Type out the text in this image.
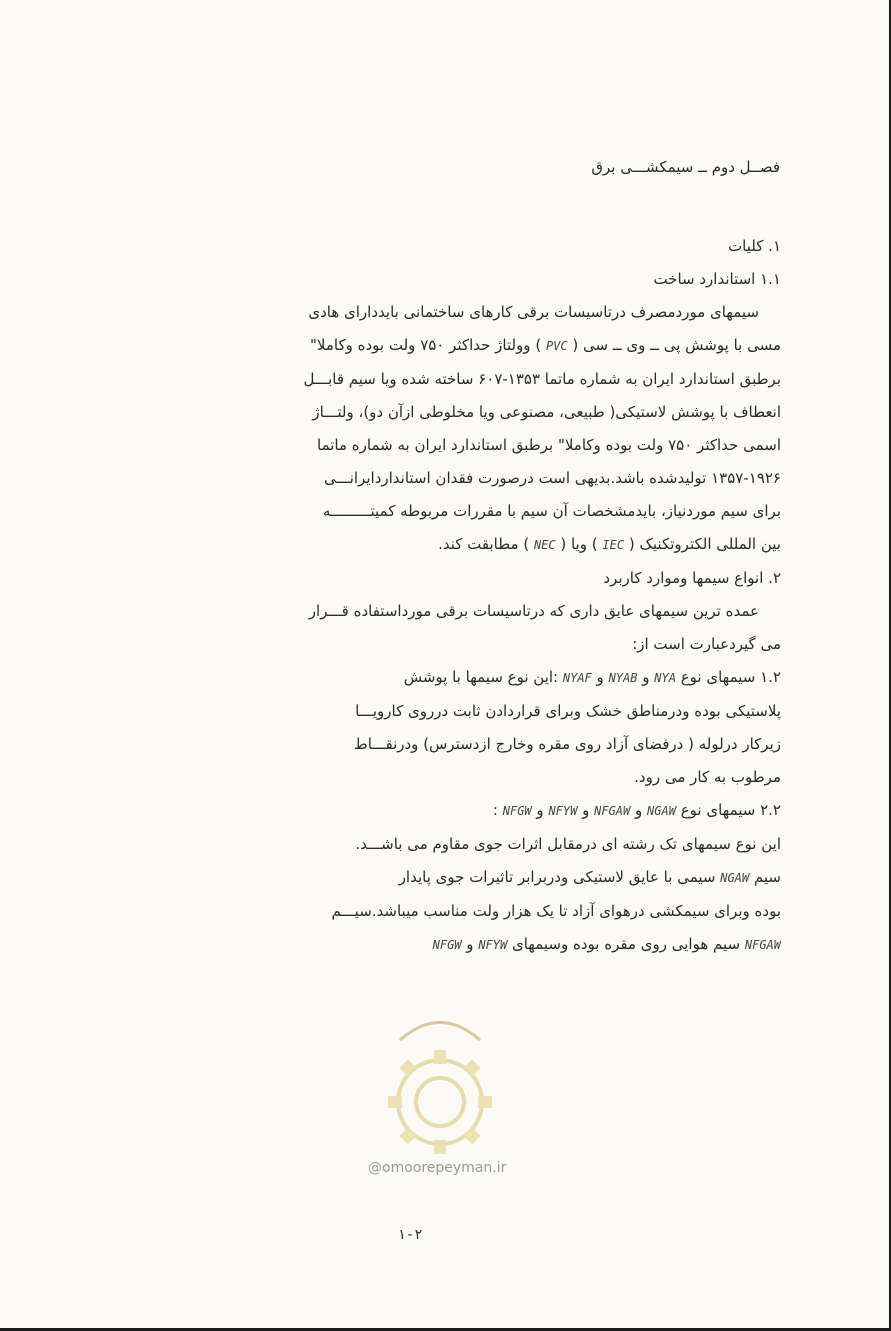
فصــل دوم ــ سیمکشـــی برق
۱. کلیات
۱.۱ استاندارد ساخت
سیمهای موردمصرف درتاسیسات برقی کارهای ساختمانی بایددارای هادی
مسی با پوشش پی ــ وی ــ سی ( PVC ) وولتاژ حداکثر ۷۵۰ ولت بوده وکاملا"
برطبق استاندارد ایران به شماره ماتما ۱۳۵۳-۶۰۷ ساخته شده ویا سیم قابـــل
انعطاف با پوشش لاستیکی( طبیعی، مصنوعی ویا مخلوطی ازآن دو)، ولتـــاژ
اسمی حداکثر ۷۵۰ ولت بوده وکاملا" برطبق استاندارد ایران به شماره ماتما
۱۳۵۷-۱۹۲۶ تولیدشده باشد.بدیهی است درصورت فقدان استانداردایرانـــی
برای سیم موردنیاز، بایدمشخصات آن سیم با مقررات مربوطه کمیتـــــــــه
بین المللی الکتروتکنیک ( IEC ) ویا ( NEC ) مطابقت کند.
۲. انواع سیمها وموارد کاربرد
عمده ترین سیمهای عایق داری که درتاسیسات برقی مورداستفاده قـــرار
می گیردعبارت است از:
۱.۲ سیمهای نوع NYA و NYAB و NYAF :این نوع سیمها با پوشش
پلاستیکی بوده ودرمناطق خشک وبرای قراردادن ثابت درروی کارویـــا
زیرکار درلوله ( درفضای آزاد روی مقره وخارج ازدسترس) ودرنقـــاط
مرطوب به کار می رود.
۲.۲ سیمهای نوع NGAW و NFGAW و NFYW و NFGW :
این نوع سیمهای تک رشته ای درمقابل اثرات جوی مقاوم می باشـــد.
سیم NGAW سیمی با عایق لاستیکی ودربرابر تاثیرات جوی پایدار
بوده وبرای سیمکشی درهوای آزاد تا یک هزار ولت مناسب میباشد.سیـــم
NFGAW سیم هوایی روی مقره بوده وسیمهای NFYW و NFGW
@omoorepeyman.ir
۱-۲
